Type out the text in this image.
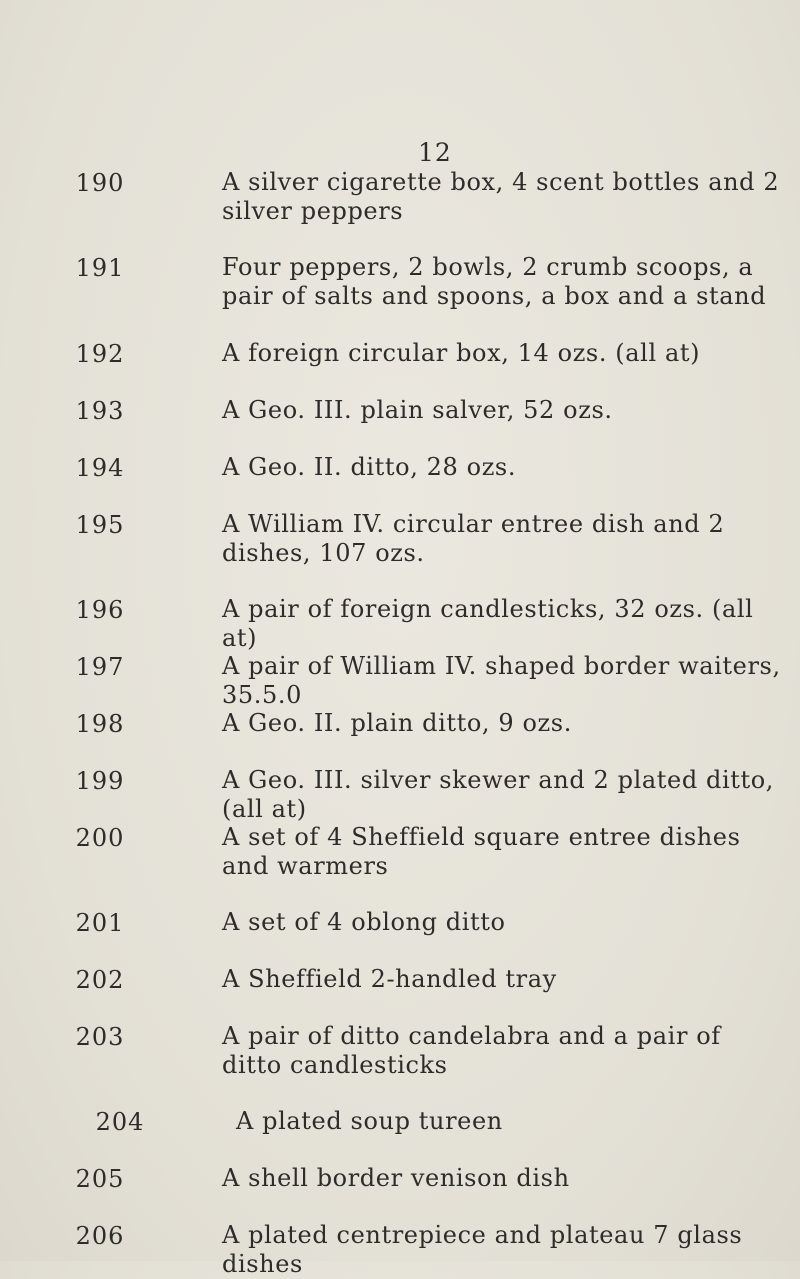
12
190	A silver cigarette box, 4 scent bottles and 2 silver peppers
191	Four peppers, 2 bowls, 2 crumb scoops, a pair of salts and spoons, a box and a stand
192	A foreign circular box, 14 ozs. (all at)
193	A Geo. III. plain salver, 52 ozs.
194	A Geo. II. ditto, 28 ozs.
195	A William IV. circular entree dish and 2 dishes, 107 ozs.
196	A pair of foreign candlesticks, 32 ozs. (all at)
197	A pair of William IV. shaped border waiters, 35.5.0
198	A Geo. II. plain ditto, 9 ozs.
199	A Geo. III. silver skewer and 2 plated ditto, (all at)
200	A set of 4 Sheffield square entree dishes and warmers
201	A set of 4 oblong ditto
202	A Sheffield 2-handled tray
203	A pair of ditto candelabra and a pair of ditto candlesticks
204	A plated soup tureen
205	A shell border venison dish
206	A plated centrepiece and plateau 7 glass dishes
